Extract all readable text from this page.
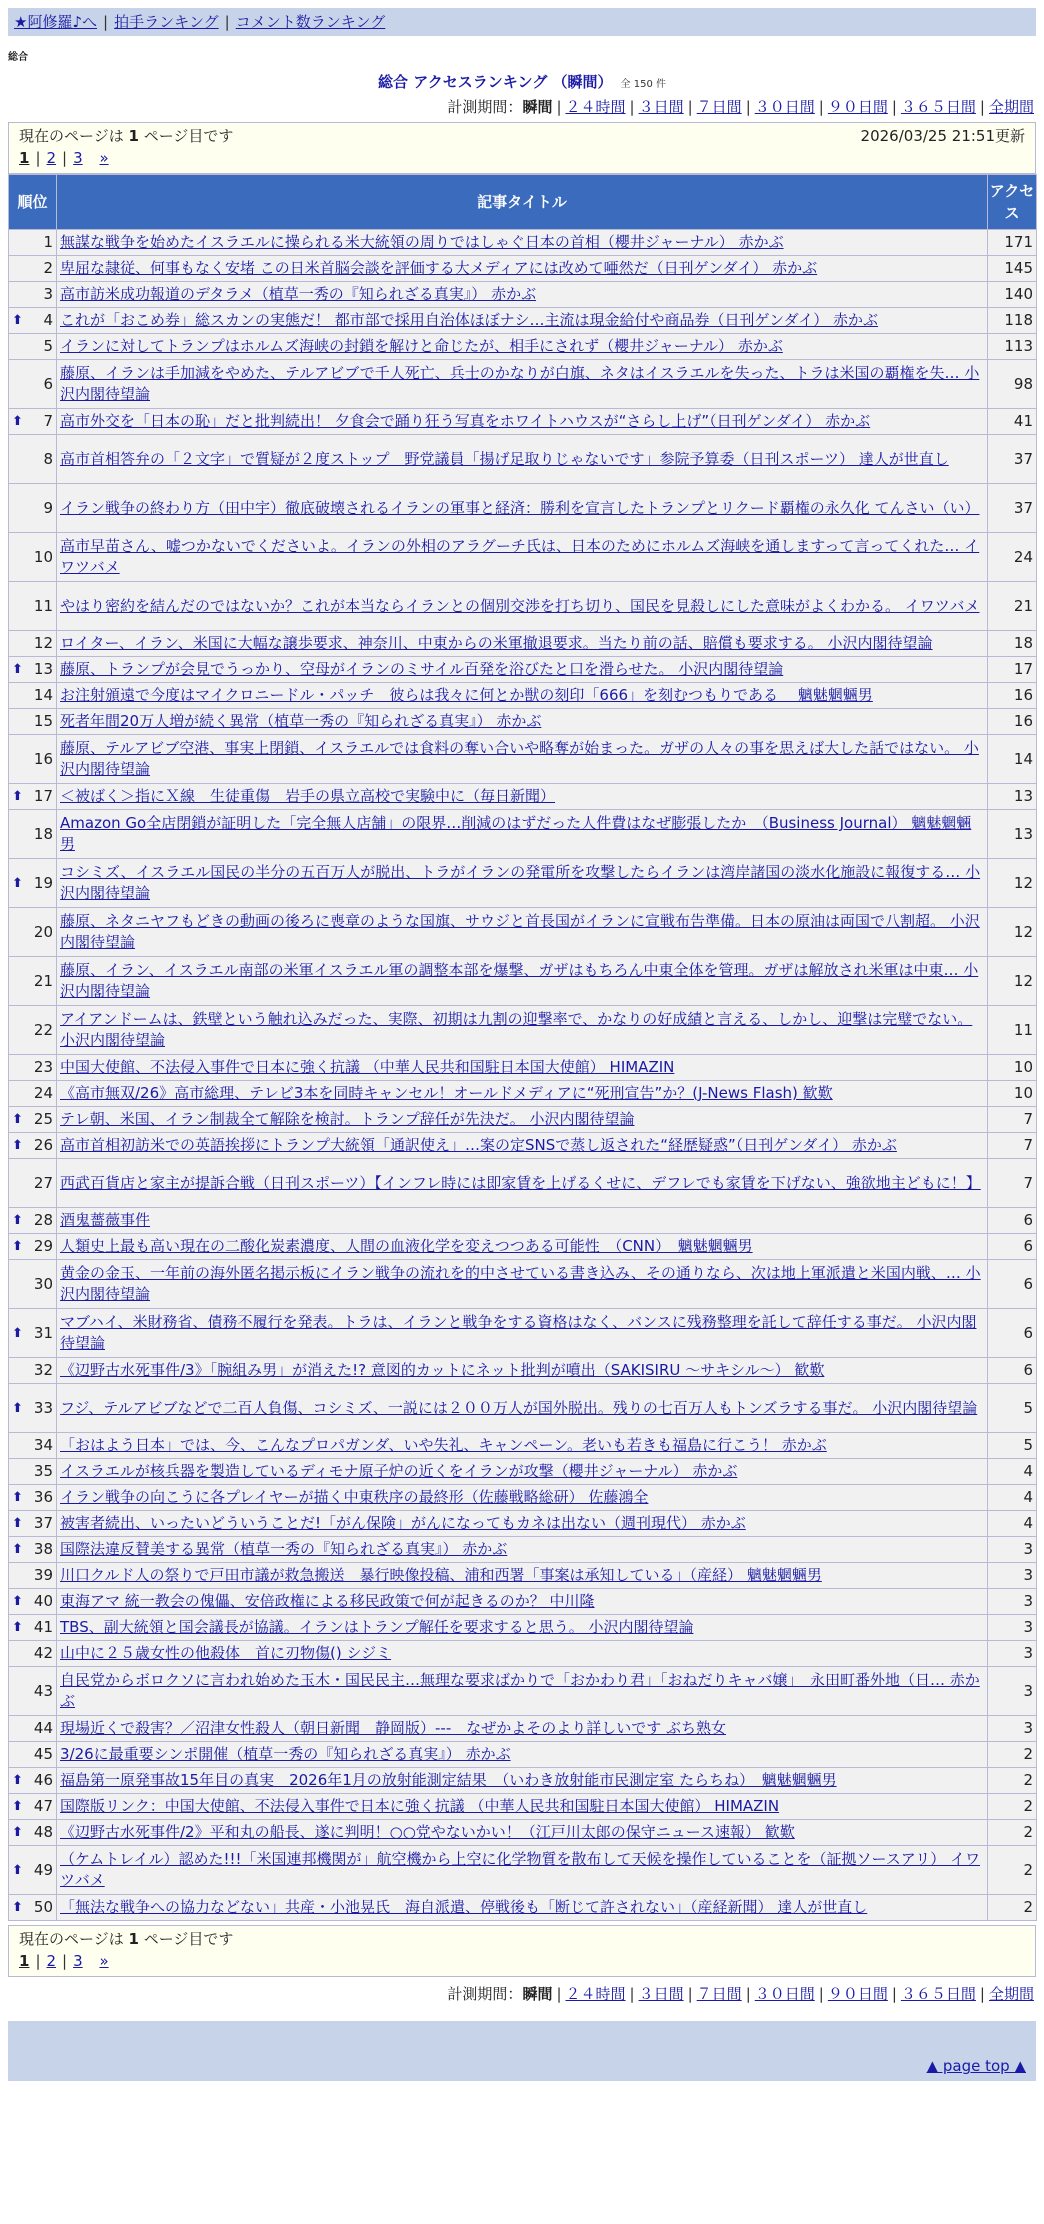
★阿修羅♪へ | 拍手ランキング | コメント数ランキング
総合
総合 アクセスランキング （瞬間） 全 150 件
計測期間：瞬間 | ２４時間 | ３日間 | ７日間 | ３０日間 | ９０日間 | ３６５日間 | 全期間
現在のページは 1 ページ目です	2026/03/25 21:51更新
1 | 2 | 3 »
順位	記事タイトル	アクセス
1	無謀な戦争を始めたイスラエルに操られる米大統領の周りではしゃぐ日本の首相（櫻井ジャーナル） 赤かぶ	171
2	卑屈な隷従、何事もなく安堵 この日米首脳会談を評価する大メディアには改めて唖然だ（日刊ゲンダイ） 赤かぶ	145
3	高市訪米成功報道のデタラメ（植草一秀の『知られざる真実』） 赤かぶ	140

⬆ 4	これが「おこめ券」総スカンの実態だ！ 都市部で採用自治体ほぼナシ…主流は現金給付や商品券（日刊ゲンダイ） 赤かぶ	118
5	イランに対してトランプはホルムズ海峡の封鎖を解けと命じたが、相手にされず（櫻井ジャーナル） 赤かぶ	113
6	藤原、イランは手加減をやめた、テルアビブで千人死亡、兵士のかなりが白旗、ネタはイスラエルを失った、トラは米国の覇権を失… 小沢内閣待望論	98

⬆ 7	高市外交を「日本の恥」だと批判続出！ 夕食会で踊り狂う写真をホワイトハウスが“さらし上げ”（日刊ゲンダイ） 赤かぶ	41
8	高市首相答弁の「２文字」で質疑が２度ストップ　野党議員「揚げ足取りじゃないです」参院予算委（日刊スポーツ） 達人が世直し	37
9	イラン戦争の終わり方（田中宇）徹底破壊されるイランの軍事と経済：勝利を宣言したトランプとリクード覇権の永久化 てんさい（い）	37
10	高市早苗さん、嘘つかないでくださいよ。イランの外相のアラグーチ氏は、日本のためにホルムズ海峡を通しますって言ってくれた… イワツバメ	24
11	やはり密約を結んだのではないか？これが本当ならイランとの個別交渉を打ち切り、国民を見殺しにした意味がよくわかる。 イワツバメ	21
12	ロイター、イラン、米国に大幅な譲歩要求、神奈川、中東からの米軍撤退要求。当たり前の話、賠償も要求する。 小沢内閣待望論	18

⬆ 13	藤原、トランプが会見でうっかり、空母がイランのミサイル百発を浴びたと口を滑らせた。 小沢内閣待望論	17
14	お注射頒遠で今度はマイクロニードル・パッチ　彼らは我々に何とか獣の刻印「666」を刻むつもりである　 魑魅魍魎男	16
15	死者年間20万人増が続く異常（植草一秀の『知られざる真実』） 赤かぶ	16
16	藤原、テルアビブ空港、事実上閉鎖、イスラエルでは食料の奪い合いや略奪が始まった。ガザの人々の事を思えば大した話ではない。 小沢内閣待望論	14

⬆ 17	＜被ばく＞指にＸ線　生徒重傷　岩手の県立高校で実験中に（毎日新聞）	13
18	Amazon Go全店閉鎖が証明した「完全無人店舗」の限界…削減のはずだった人件費はなぜ膨張したか　（Business Journal） 魑魅魍魎男	13

⬆ 19	コシミズ、イスラエル国民の半分の五百万人が脱出、トラがイランの発電所を攻撃したらイランは湾岸諸国の淡水化施設に報復する… 小沢内閣待望論	12
20	藤原、ネタニヤフもどきの動画の後ろに喪章のような国旗、サウジと首長国がイランに宣戦布告準備。日本の原油は両国で八割超。 小沢内閣待望論	12
21	藤原、イラン、イスラエル南部の米軍イスラエル軍の調整本部を爆撃、ガザはもちろん中東全体を管理。ガザは解放され米軍は中東… 小沢内閣待望論	12
22	アイアンドームは、鉄壁という触れ込みだった、実際、初期は九割の迎撃率で、かなりの好成績と言える、しかし、迎撃は完璧でない。 小沢内閣待望論	11
23	中国大使館、不法侵入事件で日本に強く抗議 （中華人民共和国駐日本国大使館） HIMAZIN	10
24	《高市無双/26》高市総理、テレビ3本を同時キャンセル！オールドメディアに“死刑宣告”か？(J-News Flash) 歓歎	10

⬆ 25	テレ朝、米国、イラン制裁全て解除を検討。トランプ辞任が先決だ。 小沢内閣待望論	7

⬆ 26	高市首相初訪米での英語挨拶にトランプ大統領「通訳使え」…案の定SNSで蒸し返された“経歴疑惑”（日刊ゲンダイ） 赤かぶ	7
27	西武百貨店と家主が提訴合戦（日刊スポーツ）【インフレ時には即家賃を上げるくせに、デフレでも家賃を下げない、強欲地主どもに！】	7

⬆ 28	酒鬼薔薇事件	6

⬆ 29	人類史上最も高い現在の二酸化炭素濃度、人間の血液化学を変えつつある可能性　（CNN）　魑魅魍魎男	6
30	黄金の金玉、一年前の海外匿名掲示板にイラン戦争の流れを的中させている書き込み、その通りなら、次は地上軍派遣と米国内戦、… 小沢内閣待望論	6

⬆ 31	マブハイ、米財務省、債務不履行を発表。トラは、イランと戦争をする資格はなく、バンスに残務整理を託して辞任する事だ。 小沢内閣待望論	6
32	《辺野古水死事件/3》「腕組み男」が消えた!? 意図的カットにネット批判が噴出（SAKISIRU ～サキシル～） 歓歎	6

⬆ 33	フジ、テルアビブなどで二百人負傷、コシミズ、一説には２００万人が国外脱出。残りの七百万人もトンズラする事だ。 小沢内閣待望論	5
34	「おはよう日本」では、今、こんなプロパガンダ、いや失礼、キャンペーン。老いも若きも福島に行こう！ 赤かぶ	5
35	イスラエルが核兵器を製造しているディモナ原子炉の近くをイランが攻撃（櫻井ジャーナル） 赤かぶ	4

⬆ 36	イラン戦争の向こうに各プレイヤーが描く中東秩序の最終形（佐藤戦略総研） 佐藤鴻全	4

⬆ 37	被害者続出、いったいどういうことだ!「がん保険」がんになってもカネは出ない（週刊現代） 赤かぶ	4

⬆ 38	国際法違反賛美する異常（植草一秀の『知られざる真実』） 赤かぶ	3
39	川口クルド人の祭りで戸田市議が救急搬送　暴行映像投稿、浦和西署「事案は承知している」（産経） 魑魅魍魎男	3

⬆ 40	東海アマ 統一教会の傀儡、安倍政権による移民政策で何が起きるのか？ 中川隆	3

⬆ 41	TBS、副大統領と国会議長が協議。イランはトランプ解任を要求すると思う。 小沢内閣待望論	3
42	山中に２５歳女性の他殺体　首に刃物傷() シジミ	3
43	自民党からボロクソに言われ始めた玉木・国民民主…無理な要求ばかりで「おかわり君」「おねだりキャバ嬢」　永田町番外地（日… 赤かぶ	3
44	現場近くで殺害？／沼津女性殺人（朝日新聞　静岡版）---　なぜかよそのより詳しいです ぶち熟女	3
45	3/26に最重要シンポ開催（植草一秀の『知られざる真実』） 赤かぶ	2

⬆ 46	福島第一原発事故15年目の真実　2026年1月の放射能測定結果　（いわき放射能市民測定室 たらちね）　魑魅魍魎男	2

⬆ 47	国際版リンク：中国大使館、不法侵入事件で日本に強く抗議 （中華人民共和国駐日本国大使館） HIMAZIN	2

⬆ 48	《辺野古水死事件/2》平和丸の船長、遂に判明！○○党やないかい！（江戸川太郎の保守ニュース速報） 歓歎	2

⬆ 49	（ケムトレイル）認めた!!!「米国連邦機関が」航空機から上空に化学物質を散布して天候を操作していることを（証拠ソースアリ） イワツバメ	2

⬆ 50	「無法な戦争への協力などない」共産・小池晃氏　海自派遣、停戦後も「断じて許されない」（産経新聞） 達人が世直し	2
現在のページは 1 ページ目です
1 | 2 | 3 »
計測期間：瞬間 | ２４時間 | ３日間 | ７日間 | ３０日間 | ９０日間 | ３６５日間 | 全期間
▲ page top ▲
